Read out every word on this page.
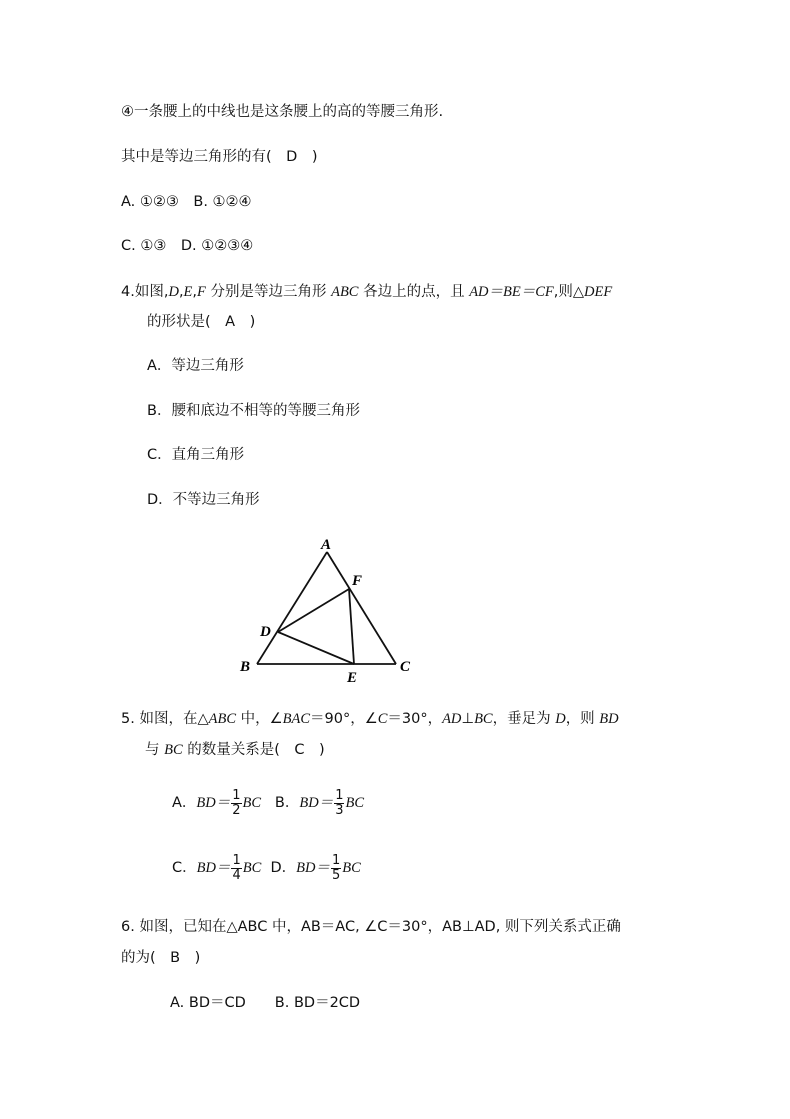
④一条腰上的中线也是这条腰上的高的等腰三角形.
其中是等边三角形的有(　D　)
A. ①②③　B. ①②④
C. ①③　D. ①②③④
4.如图,D,E,F 分别是等边三角形 ABC 各边上的点，且 AD＝BE＝CF,则△DEF
的形状是(　A　)
A．等边三角形
B．腰和底边不相等的等腰三角形
C．直角三角形
D．不等边三角形
A
F
D
B	C
E
5. 如图，在△ABC 中，∠BAC＝90°，∠C＝30°，AD⊥BC，垂足为 D，则 BD
与 BC 的数量关系是(　C　)
A．$BD= \frac{1}{2}$ BC B．$BD= \frac{1}{3}$ BC
C．$BD= \frac{1}{4}$ BC D．$BD= \frac{1}{5}$ BC
6. 如图，已知在△ABC 中，AB＝AC, ∠C＝30°，AB⊥AD, 则下列关系式正确
的为(　B　)
A. BD＝CD　　B. BD＝2CD
